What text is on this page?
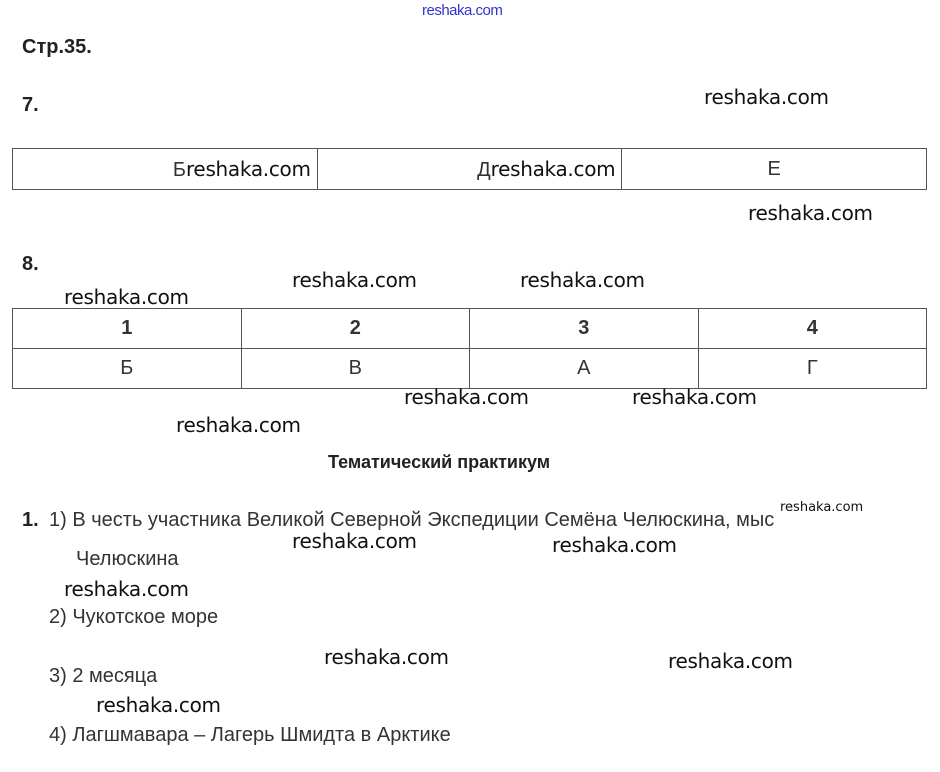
reshaka.com
Стр.35.
7.
Бreshaka.com	Дreshaka.com	Е
8.
1	2	3	4
Б	В	А	Г
Тематический практикум
1. 1) В честь участника Великой Северной Экспедиции Семёна Челюскина, мыс
Челюскина
2) Чукотское море
3) 2 месяца
4) Лагшмавара – Лагерь Шмидта в Арктике
reshaka.com
reshaka.com
reshaka.com	reshaka.com
reshaka.com
reshaka.com	reshaka.com
reshaka.com
reshaka.com
reshaka.com	reshaka.com
reshaka.com
reshaka.com	reshaka.com
reshaka.com
